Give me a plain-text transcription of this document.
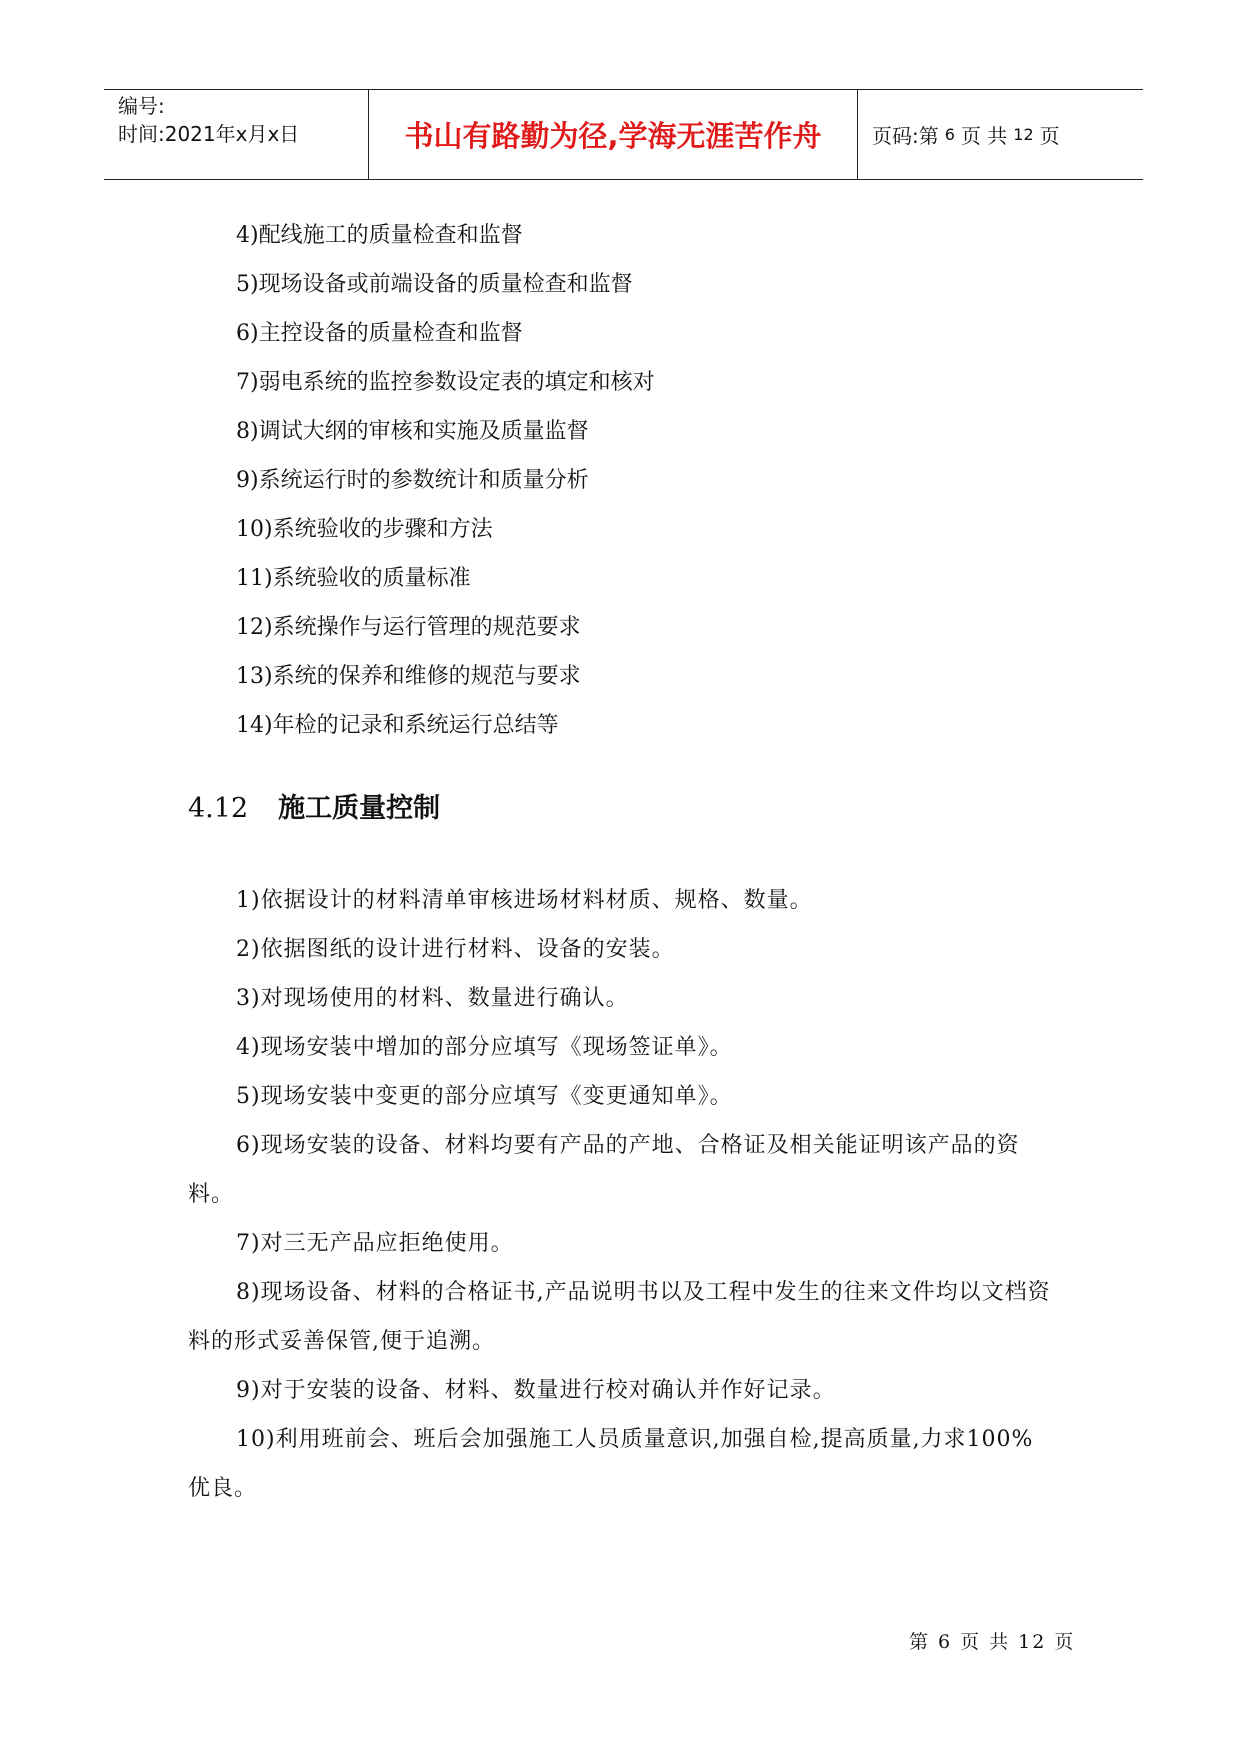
编号:
时间:2021年x月x日	书山有路勤为径,学海无涯苦作舟	页码:第 6 页 共 12 页

4)配线施工的质量检查和监督

5)现场设备或前端设备的质量检查和监督

6)主控设备的质量检查和监督

7)弱电系统的监控参数设定表的填定和核对

8)调试大纲的审核和实施及质量监督

9)系统运行时的参数统计和质量分析

10)系统验收的步骤和方法

11)系统验收的质量标准

12)系统操作与运行管理的规范要求

13)系统的保养和维修的规范与要求

14)年检的记录和系统运行总结等

4.12 施工质量控制

1)依据设计的材料清单审核进场材料材质、规格、数量。

2)依据图纸的设计进行材料、设备的安装。

3)对现场使用的材料、数量进行确认。

4)现场安装中增加的部分应填写《现场签证单》。

5)现场安装中变更的部分应填写《变更通知单》。

6)现场安装的设备、材料均要有产品的产地、合格证及相关能证明该产品的资料。

7)对三无产品应拒绝使用。

8)现场设备、材料的合格证书,产品说明书以及工程中发生的往来文件均以文档资料的形式妥善保管,便于追溯。

9)对于安装的设备、材料、数量进行校对确认并作好记录。

10)利用班前会、班后会加强施工人员质量意识,加强自检,提高质量,力求100%优良。

第 6 页 共 12 页
